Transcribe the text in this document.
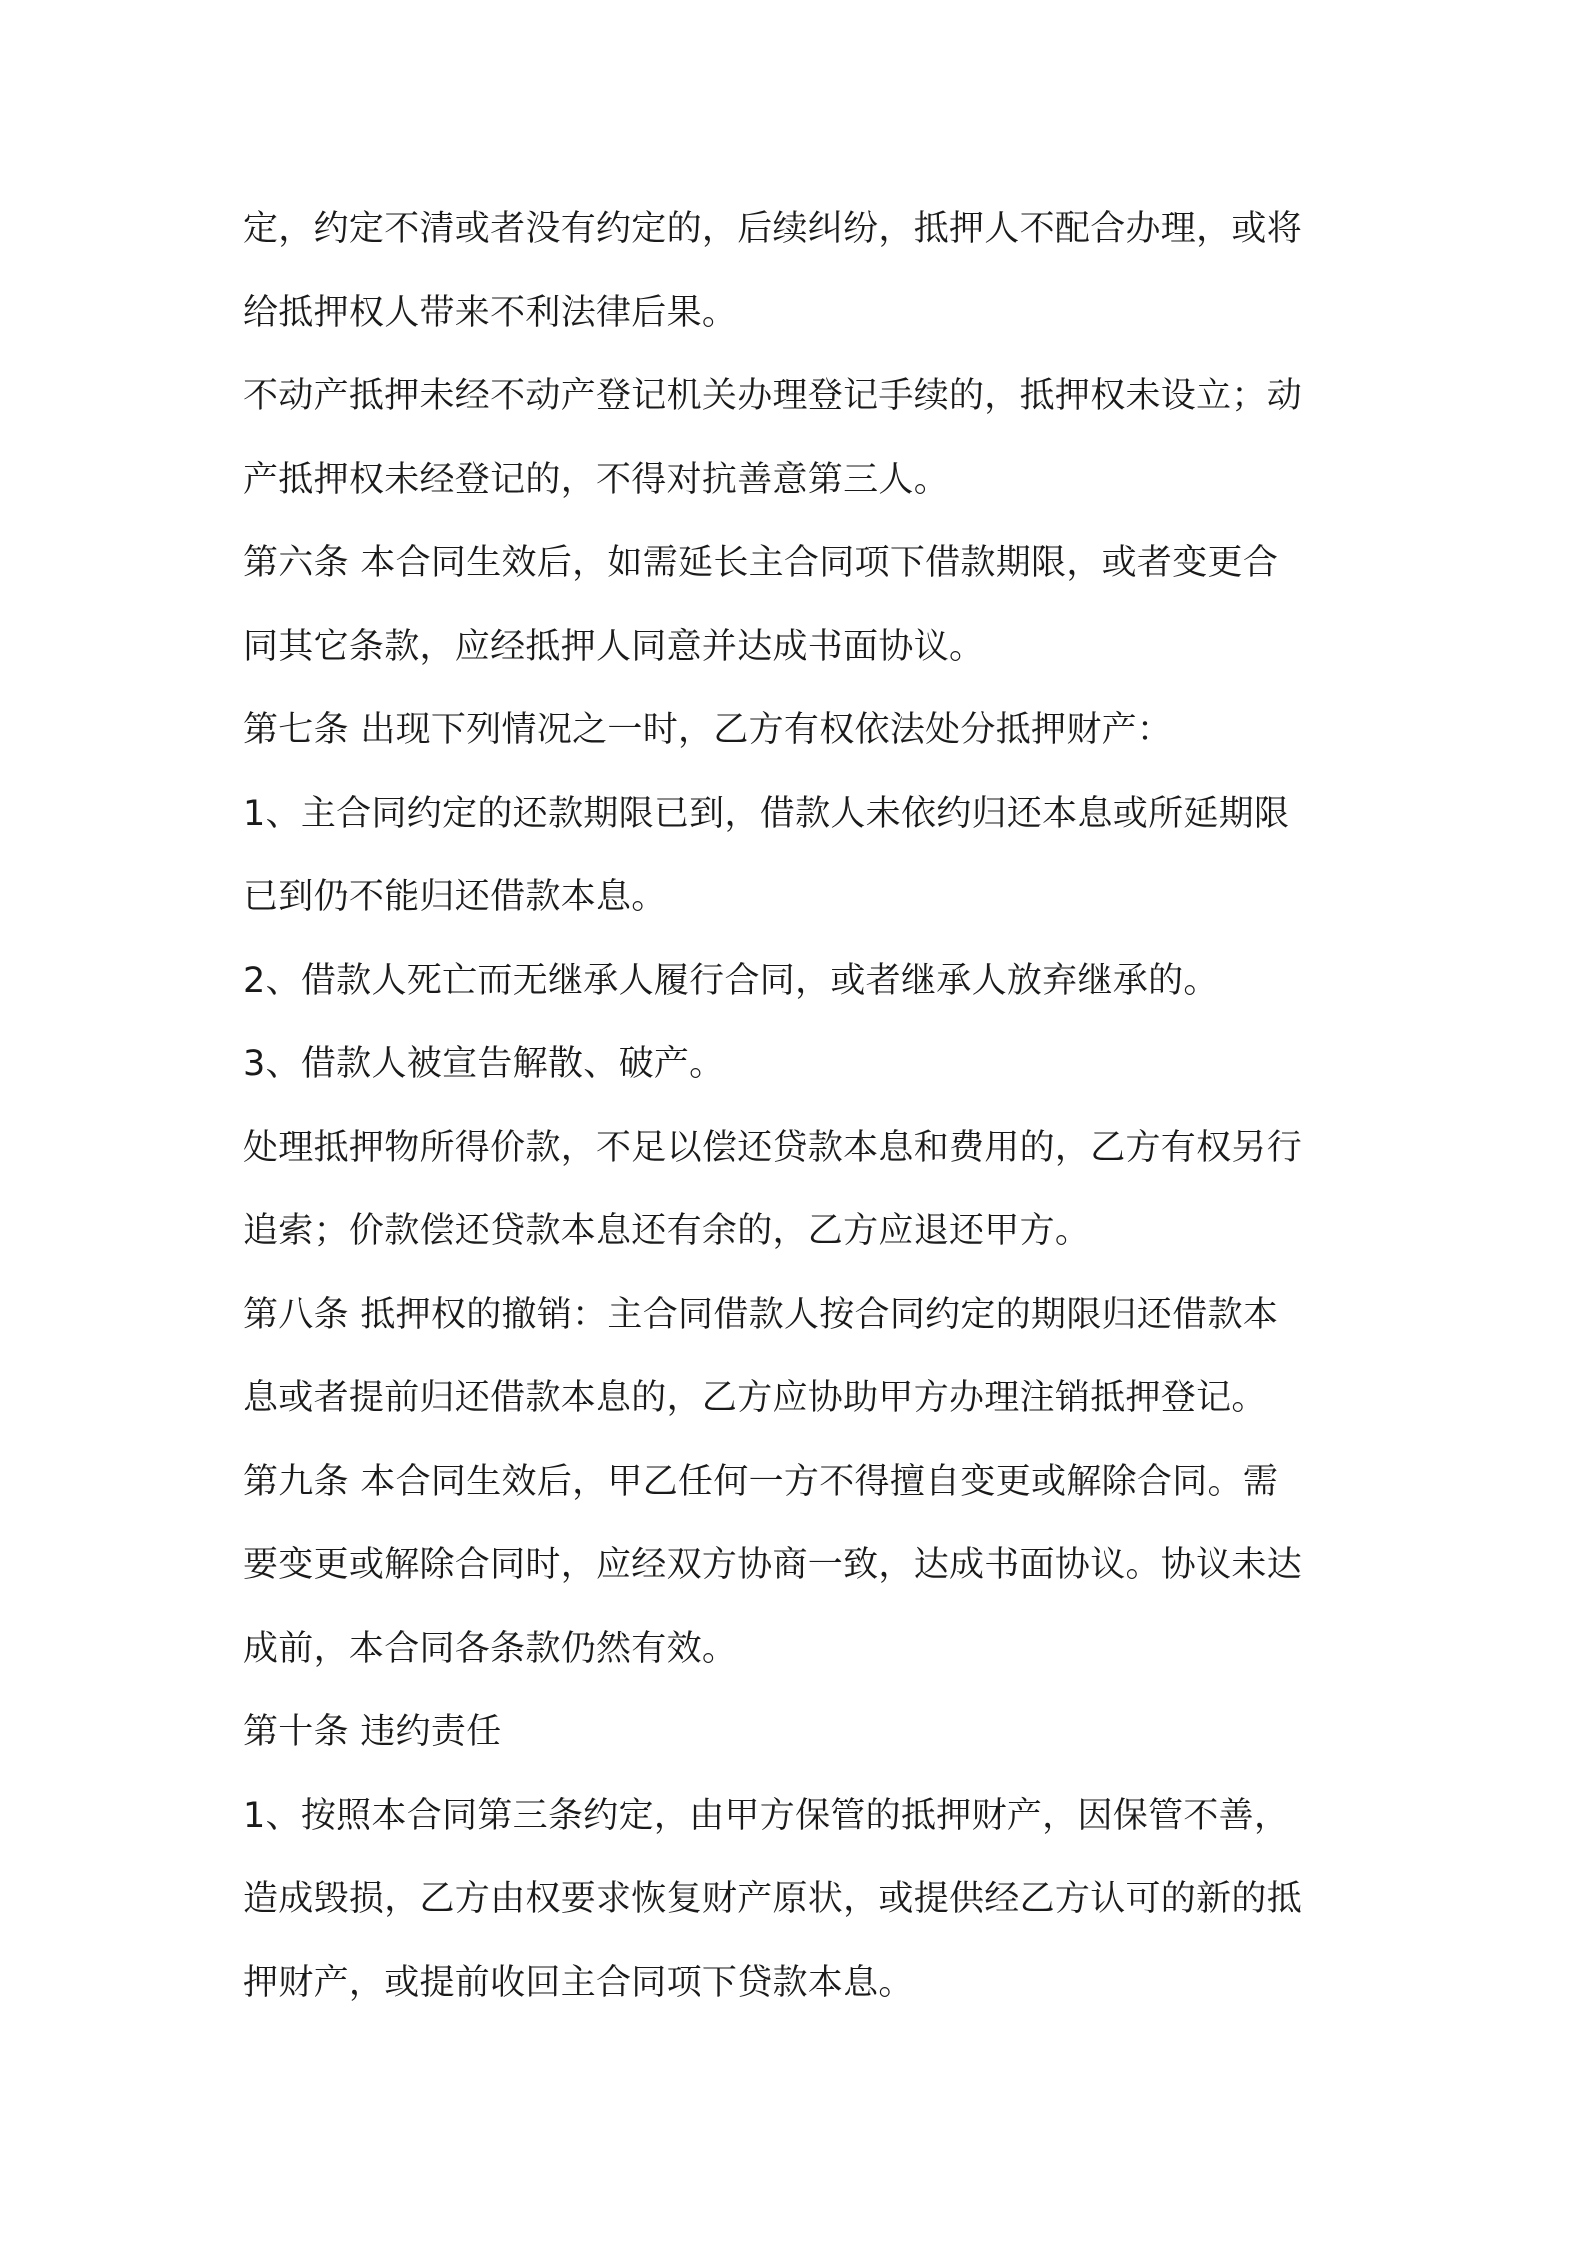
定，约定不清或者没有约定的，后续纠纷，抵押人不配合办理，或将
给抵押权人带来不利法律后果。
不动产抵押未经不动产登记机关办理登记手续的，抵押权未设立；动
产抵押权未经登记的，不得对抗善意第三人。
第六条 本合同生效后，如需延长主合同项下借款期限，或者变更合
同其它条款，应经抵押人同意并达成书面协议。
第七条 出现下列情况之一时，乙方有权依法处分抵押财产：
1、主合同约定的还款期限已到，借款人未依约归还本息或所延期限
已到仍不能归还借款本息。
2、借款人死亡而无继承人履行合同，或者继承人放弃继承的。
3、借款人被宣告解散、破产。
处理抵押物所得价款，不足以偿还贷款本息和费用的，乙方有权另行
追索；价款偿还贷款本息还有余的，乙方应退还甲方。
第八条 抵押权的撤销：主合同借款人按合同约定的期限归还借款本
息或者提前归还借款本息的，乙方应协助甲方办理注销抵押登记。
第九条 本合同生效后，甲乙任何一方不得擅自变更或解除合同。需
要变更或解除合同时，应经双方协商一致，达成书面协议。协议未达
成前，本合同各条款仍然有效。
第十条 违约责任
1、按照本合同第三条约定，由甲方保管的抵押财产，因保管不善，
造成毁损，乙方由权要求恢复财产原状，或提供经乙方认可的新的抵
押财产，或提前收回主合同项下贷款本息。
